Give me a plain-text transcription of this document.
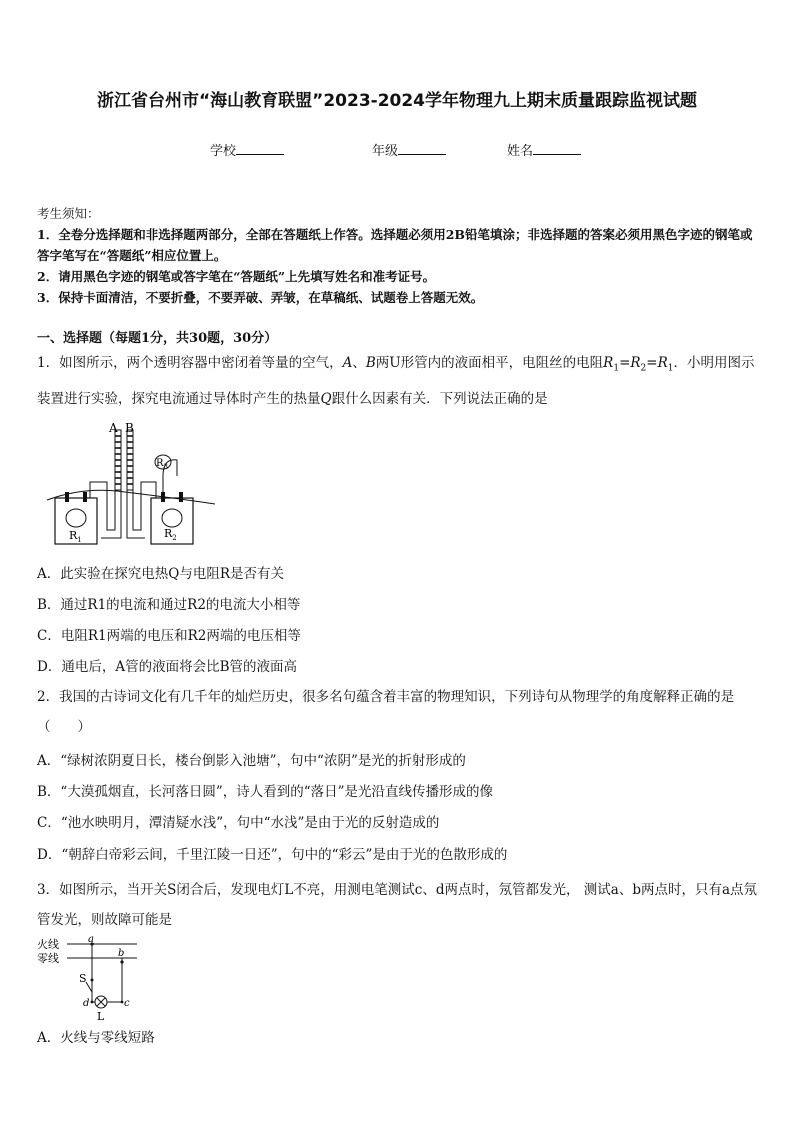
浙江省台州市“海山教育联盟”2023-2024学年物理九上期末质量跟踪监视试题
学校	年级	姓名
考生须知：
1．全卷分选择题和非选择题两部分，全部在答题纸上作答。选择题必须用2B铅笔填涂；非选择题的答案必须用黑色字迹的钢笔或答字笔写在“答题纸”相应位置上。
2．请用黑色字迹的钢笔或答字笔在“答题纸”上先填写姓名和准考证号。
3．保持卡面清洁，不要折叠，不要弄破、弄皱，在草稿纸、试题卷上答题无效。
一、选择题（每题1分，共30题，30分）
1．如图所示，两个透明容器中密闭着等量的空气，A、B两U形管内的液面相平，电阻丝的电阻$R_1=R_2=R_1$．小明用图示装置进行实验，探究电流通过导体时产生的热量Q跟什么因素有关．下列说法正确的是
A B
$R_3$
$R_1$	$R_2$
A．此实验在探究电热Q与电阻R是否有关
B．通过R1的电流和通过R2的电流大小相等
C．电阻R1两端的电压和R2两端的电压相等
D．通电后，A管的液面将会比B管的液面高
2．我国的古诗词文化有几千年的灿烂历史，很多名句蕴含着丰富的物理知识，下列诗句从物理学的角度解释正确的是（　　）
A．“绿树浓阴夏日长，楼台倒影入池塘”，句中“浓阴”是光的折射形成的
B．“大漠孤烟直，长河落日圆”，诗人看到的“落日”是光沿直线传播形成的像
C．“池水映明月，潭清疑水浅”，句中“水浅”是由于光的反射造成的
D．“朝辞白帝彩云间，千里江陵一日还”，句中的“彩云”是由于光的色散形成的
3．如图所示，当开关S闭合后，发现电灯L不亮，用测电笔测试c、d两点时，氖管都发光， 测试a、b两点时，只有a点氖管发光，则故障可能是
火线
零线
a
b
c
d
S
L
A．火线与零线短路
